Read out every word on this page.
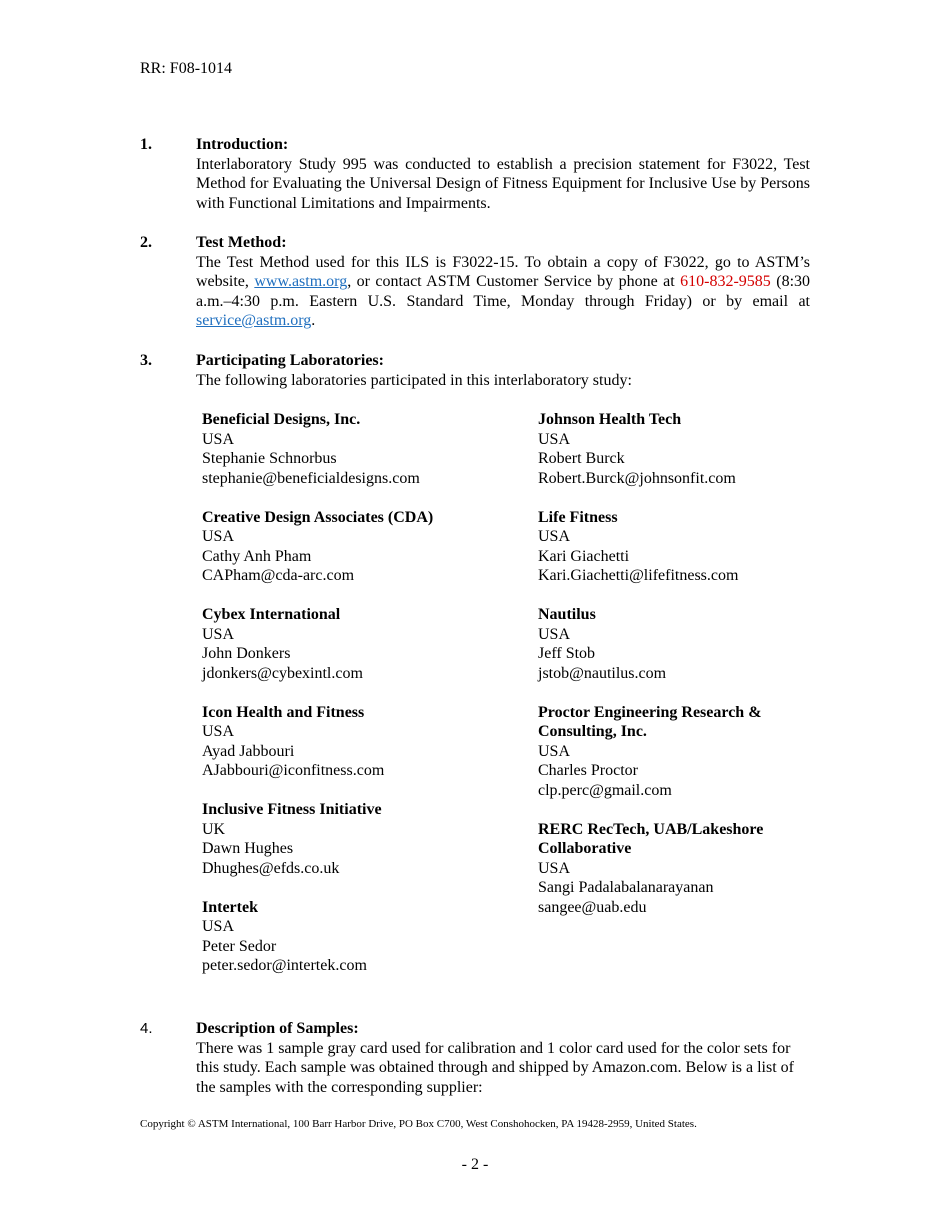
RR: F08-1014
1.	Introduction:
Interlaboratory Study 995 was conducted to establish a precision statement for F3022, Test Method for Evaluating the Universal Design of Fitness Equipment for Inclusive Use by Persons with Functional Limitations and Impairments.
2.	Test Method:
The Test Method used for this ILS is F3022-15. To obtain a copy of F3022, go to ASTM’s website, www.astm.org, or contact ASTM Customer Service by phone at 610-832-9585 (8:30 a.m.–4:30 p.m. Eastern U.S. Standard Time, Monday through Friday) or by email at service@astm.org.
3.	Participating Laboratories:
The following laboratories participated in this interlaboratory study:
Beneficial Designs, Inc.
USA
Stephanie Schnorbus
stephanie@beneficialdesigns.com
Creative Design Associates (CDA)
USA
Cathy Anh Pham
CAPham@cda-arc.com
Cybex International
USA
John Donkers
jdonkers@cybexintl.com
Icon Health and Fitness
USA
Ayad Jabbouri
AJabbouri@iconfitness.com
Inclusive Fitness Initiative
UK
Dawn Hughes
Dhughes@efds.co.uk
Intertek
USA
Peter Sedor
peter.sedor@intertek.com
Johnson Health Tech
USA
Robert Burck
Robert.Burck@johnsonfit.com
Life Fitness
USA
Kari Giachetti
Kari.Giachetti@lifefitness.com
Nautilus
USA
Jeff Stob
jstob@nautilus.com
Proctor Engineering Research &
Consulting, Inc.
USA
Charles Proctor
clp.perc@gmail.com
RERC RecTech, UAB/Lakeshore
Collaborative
USA
Sangi Padalabalanarayanan
sangee@uab.edu
4.	Description of Samples:
There was 1 sample gray card used for calibration and 1 color card used for the color sets for this study. Each sample was obtained through and shipped by Amazon.com. Below is a list of the samples with the corresponding supplier:
Copyright © ASTM International, 100 Barr Harbor Drive, PO Box C700, West Conshohocken, PA 19428-2959, United States.
- 2 -
